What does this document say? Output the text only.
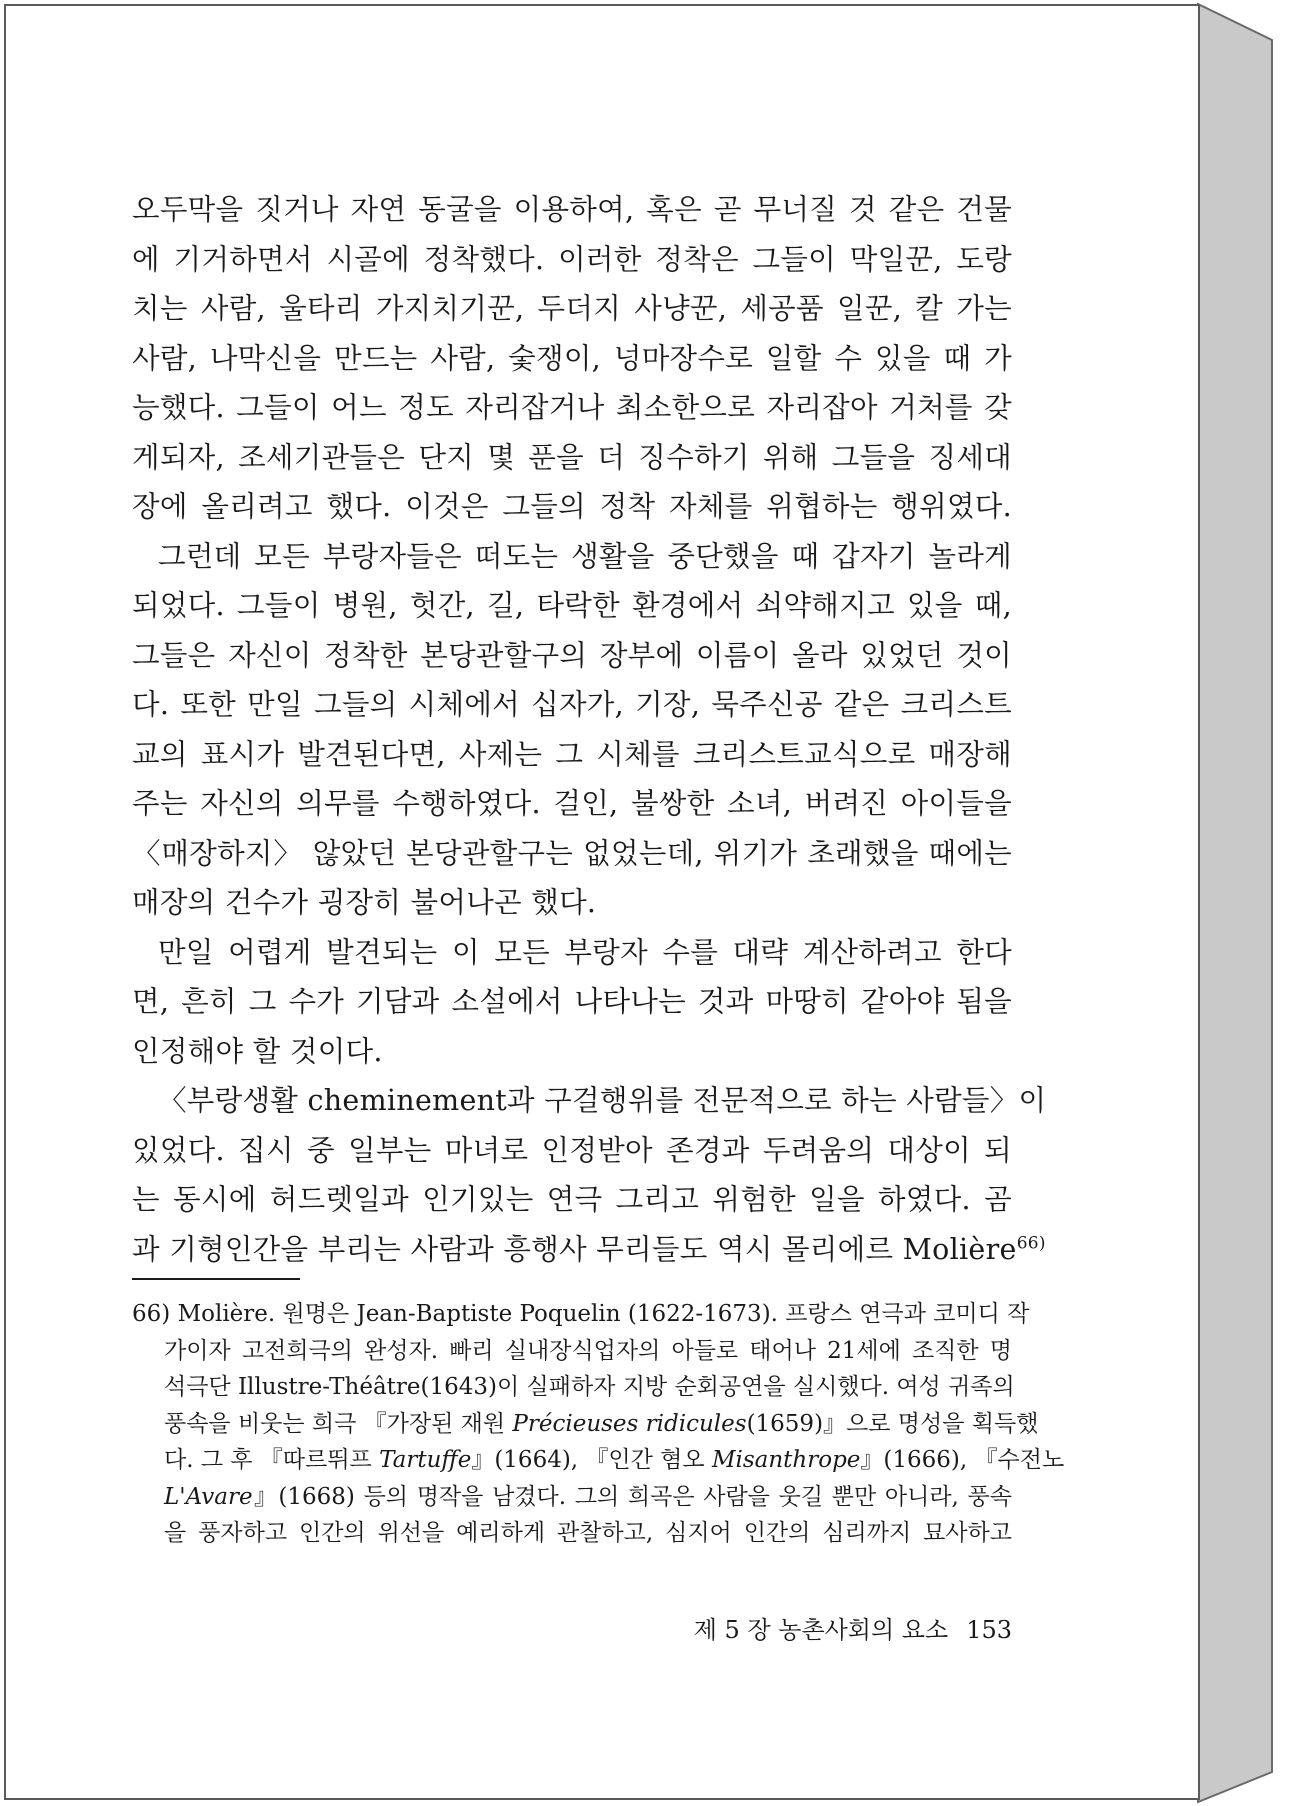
오두막을 짓거나 자연 동굴을 이용하여, 혹은 곧 무너질 것 같은 건물
에 기거하면서 시골에 정착했다. 이러한 정착은 그들이 막일꾼, 도랑
치는 사람, 울타리 가지치기꾼, 두더지 사냥꾼, 세공품 일꾼, 칼 가는
사람, 나막신을 만드는 사람, 숯쟁이, 넝마장수로 일할 수 있을 때 가
능했다. 그들이 어느 정도 자리잡거나 최소한으로 자리잡아 거처를 갖
게되자, 조세기관들은 단지 몇 푼을 더 징수하기 위해 그들을 징세대
장에 올리려고 했다. 이것은 그들의 정착 자체를 위협하는 행위였다.
그런데 모든 부랑자들은 떠도는 생활을 중단했을 때 갑자기 놀라게
되었다. 그들이 병원, 헛간, 길, 타락한 환경에서 쇠약해지고 있을 때,
그들은 자신이 정착한 본당관할구의 장부에 이름이 올라 있었던 것이
다. 또한 만일 그들의 시체에서 십자가, 기장, 묵주신공 같은 크리스트
교의 표시가 발견된다면, 사제는 그 시체를 크리스트교식으로 매장해
주는 자신의 의무를 수행하였다. 걸인, 불쌍한 소녀, 버려진 아이들을
〈매장하지〉 않았던 본당관할구는 없었는데, 위기가 초래했을 때에는
매장의 건수가 굉장히 불어나곤 했다.
만일 어렵게 발견되는 이 모든 부랑자 수를 대략 계산하려고 한다
면, 흔히 그 수가 기담과 소설에서 나타나는 것과 마땅히 같아야 됨을
인정해야 할 것이다.
〈부랑생활 cheminement과 구걸행위를 전문적으로 하는 사람들〉이
있었다. 집시 중 일부는 마녀로 인정받아 존경과 두려움의 대상이 되
는 동시에 허드렛일과 인기있는 연극 그리고 위험한 일을 하였다. 곰
과 기형인간을 부리는 사람과 흥행사 무리들도 역시 몰리에르 Molière$^{66)}$
66) Molière. 원명은 Jean-Baptiste Poquelin (1622-1673). 프랑스 연극과 코미디 작
가이자 고전희극의 완성자. 빠리 실내장식업자의 아들로 태어나 21세에 조직한 명
석극단 Illustre-Théâtre(1643)이 실패하자 지방 순회공연을 실시했다. 여성 귀족의
풍속을 비웃는 희극 『가장된 재원 Précieuses ridicules(1659)』으로 명성을 획득했
다. 그 후 『따르뛰프 Tartuffe』(1664), 『인간 혐오 Misanthrope』(1666), 『수전노
L'Avare』(1668) 등의 명작을 남겼다. 그의 희곡은 사람을 웃길 뿐만 아니라, 풍속
을 풍자하고 인간의 위선을 예리하게 관찰하고, 심지어 인간의 심리까지 묘사하고
제 5 장 농촌사회의 요소 153
